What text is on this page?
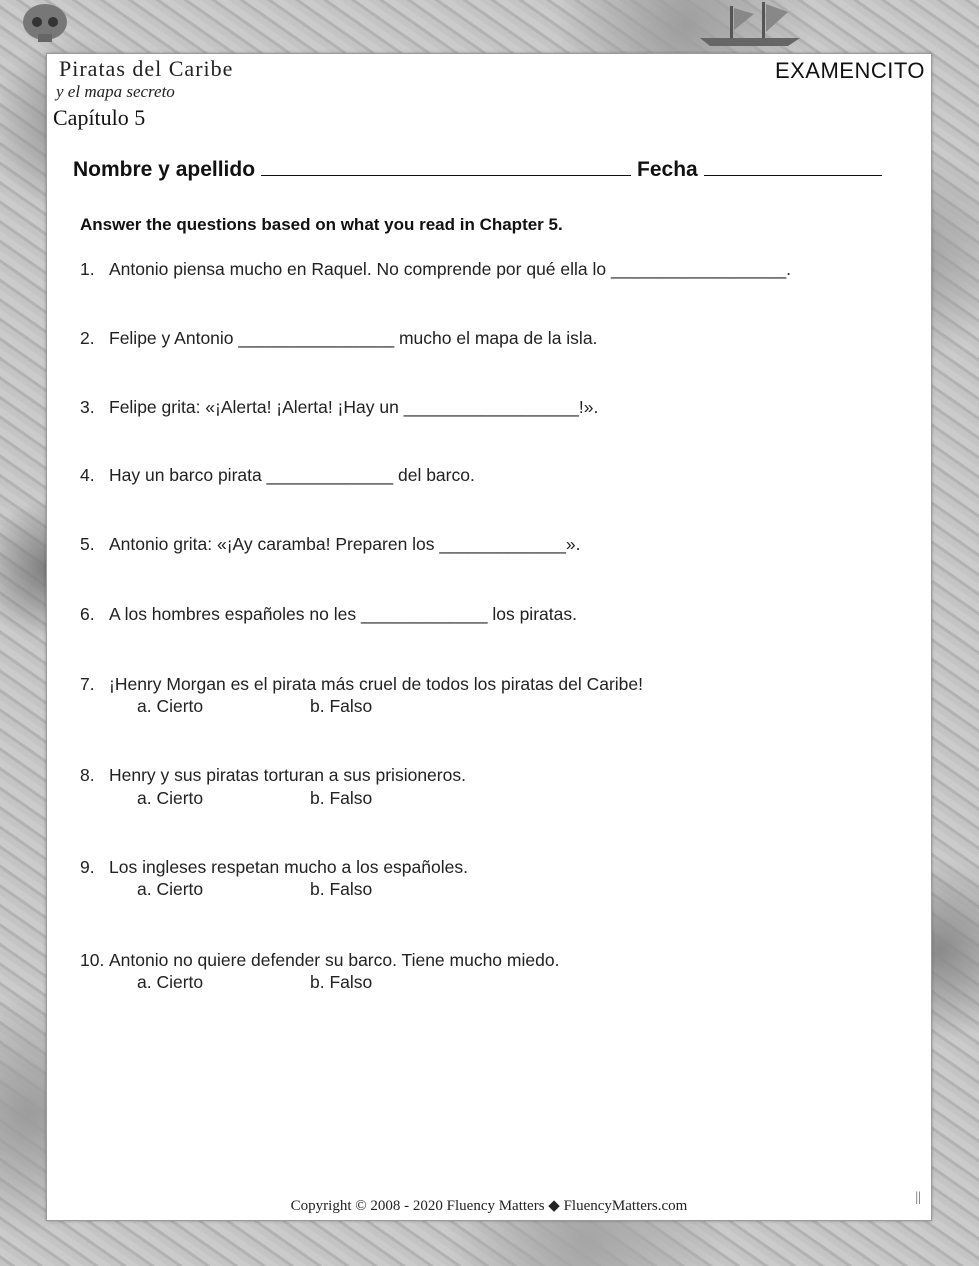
Piratas del Caribe
y el mapa secreto
Capítulo 5
EXAMENCITO
Nombre y apellido	Fecha
Answer the questions based on what you read in Chapter 5.
1. Antonio piensa mucho en Raquel. No comprende por qué ella lo __________________.
2. Felipe y Antonio ________________ mucho el mapa de la isla.
3. Felipe grita: «¡Alerta! ¡Alerta! ¡Hay un __________________!».
4. Hay un barco pirata _____________ del barco.
5. Antonio grita: «¡Ay caramba! Preparen los _____________».
6. A los hombres españoles no les _____________ los piratas.
7. ¡Henry Morgan es el pirata más cruel de todos los piratas del Caribe!
a. Cierto	b. Falso
8. Henry y sus piratas torturan a sus prisioneros.
a. Cierto	b. Falso
9. Los ingleses respetan mucho a los españoles.
a. Cierto	b. Falso
10. Antonio no quiere defender su barco. Tiene mucho miedo.
a. Cierto	b. Falso
Copyright © 2008 - 2020 Fluency Matters ◆ FluencyMatters.com
||
